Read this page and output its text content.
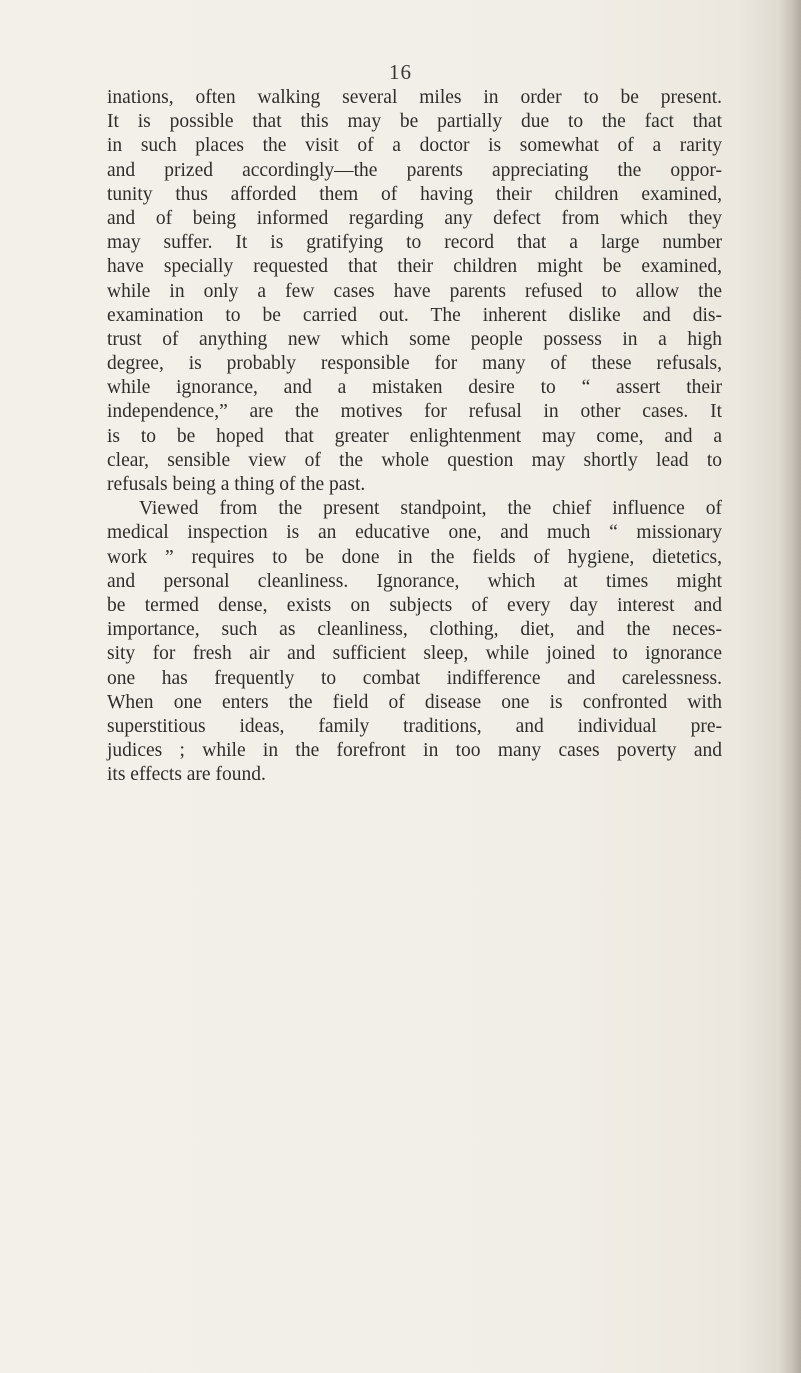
16
inations, often walking several miles in order to be present.
It is possible that this may be partially due to the fact that
in such places the visit of a doctor is somewhat of a rarity
and prized accordingly—the parents appreciating the oppor-
tunity thus afforded them of having their children examined,
and of being informed regarding any defect from which they
may suffer. It is gratifying to record that a large number
have specially requested that their children might be examined,
while in only a few cases have parents refused to allow the
examination to be carried out. The inherent dislike and dis-
trust of anything new which some people possess in a high
degree, is probably responsible for many of these refusals,
while ignorance, and a mistaken desire to “ assert their
independence,” are the motives for refusal in other cases. It
is to be hoped that greater enlightenment may come, and a
clear, sensible view of the whole question may shortly lead to
refusals being a thing of the past.
Viewed from the present standpoint, the chief influence of
medical inspection is an educative one, and much “ missionary
work ” requires to be done in the fields of hygiene, dietetics,
and personal cleanliness. Ignorance, which at times might
be termed dense, exists on subjects of every day interest and
importance, such as cleanliness, clothing, diet, and the neces-
sity for fresh air and sufficient sleep, while joined to ignorance
one has frequently to combat indifference and carelessness.
When one enters the field of disease one is confronted with
superstitious ideas, family traditions, and individual pre-
judices ; while in the forefront in too many cases poverty and
its effects are found.
